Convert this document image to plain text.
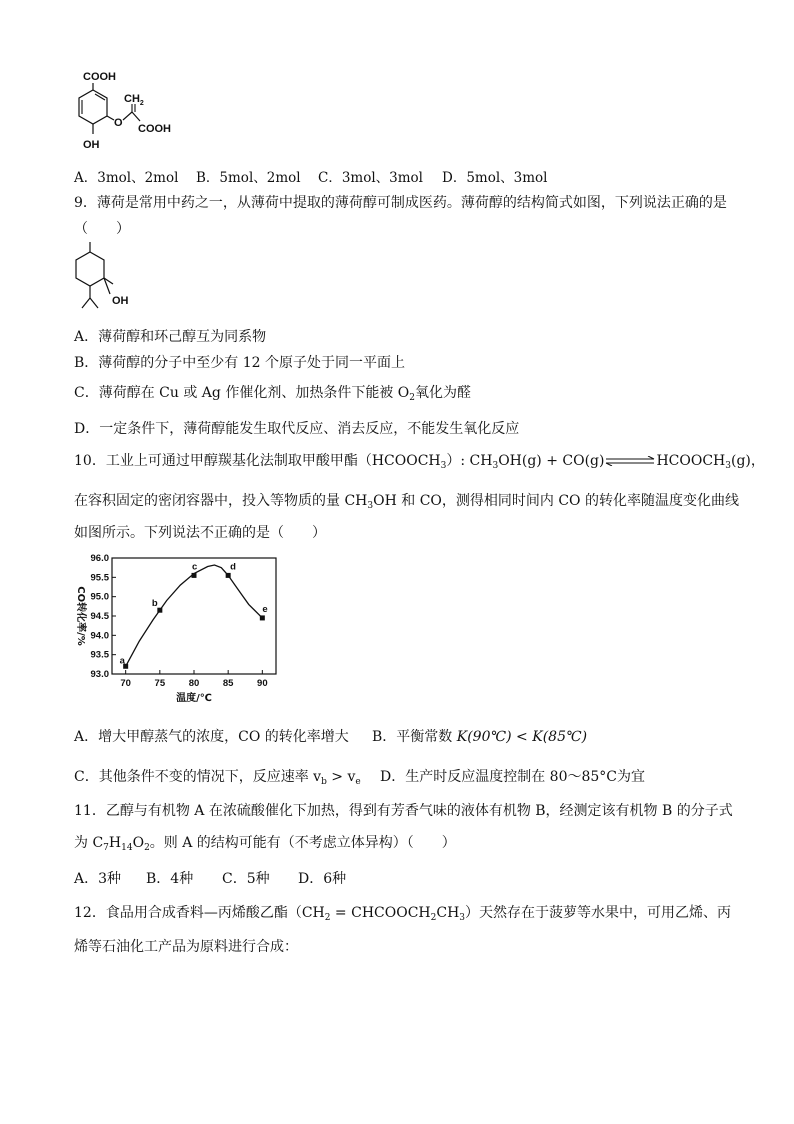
COOH
OH
O
$CH_2$
COOH
A．3mol、2mol B．5mol、2mol C．3mol、3mol D．5mol、3mol
9．薄荷是常用中药之一，从薄荷中提取的薄荷醇可制成医药。薄荷醇的结构简式如图，下列说法正确的是
（　　）
OH
A．薄荷醇和环己醇互为同系物
B．薄荷醇的分子中至少有 12 个原子处于同一平面上
C．薄荷醇在 Cu 或 Ag 作催化剂、加热条件下能被 $O_2$氧化为醛
D．一定条件下，薄荷醇能发生取代反应、消去反应，不能发生氧化反应
10．工业上可通过甲醇羰基化法制取甲酸甲酯$(HCOOCH_3)$: $CH_3OH(g)$ + $CO(g)\rightleftharpoons HCOOCH_3(g)$，
在容积固定的密闭容器中，投入等物质的量 $CH_3OH$ 和 CO，测得相同时间内 CO 的转化率随温度变化曲线
如图所示。下列说法不正确的是（　　）
93.0
93.5
94.0
94.5
95.0
95.5
96.0
70 75 80 85 90
温度/℃
CO转化率/%
a
b
c	d
e
A．增大甲醇蒸气的浓度，CO 的转化率增大 B．平衡常数 K(90℃) < K(85℃)
C．其他条件不变的情况下，反应速率 $v_b > v_e$ D．生产时反应温度控制在 80～85°C为宜
11．乙醇与有机物 A 在浓硫酸催化下加热，得到有芳香气味的液体有机物 B，经测定该有机物 B 的分子式
为 $C_7H_{14}O_2$。则 A 的结构可能有（不考虑立体异构）（　　）
A．3种 B．4种 C．5种 D．6种
12．食品用合成香料—丙烯酸乙酯（$CH_2$ = $CHCOOCH_2CH_3$）天然存在于菠萝等水果中，可用乙烯、丙
烯等石油化工产品为原料进行合成：
